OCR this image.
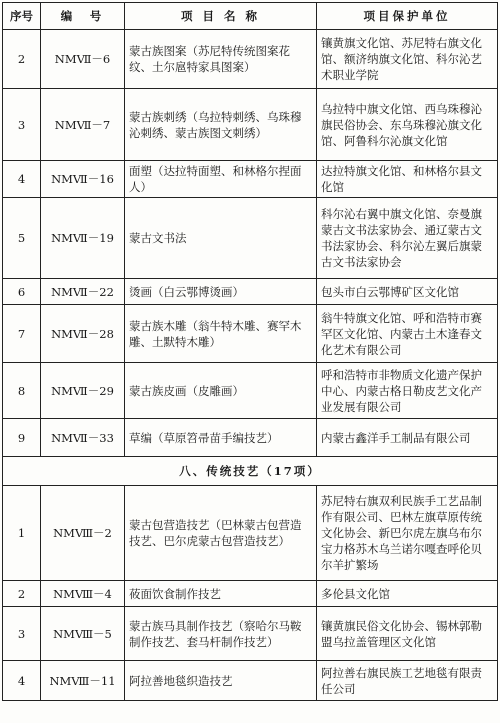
序号	编　号	项 目 名 称	项目保护单位
2	NMⅦ－6	蒙古族图案（苏尼特传统图案花纹、土尔扈特家具图案）	镶黄旗文化馆、苏尼特右旗文化馆、额济纳旗文化馆、科尔沁艺术职业学院
3	NMⅦ－7	蒙古族刺绣（乌拉特刺绣、乌珠穆沁刺绣、蒙古族图文刺绣）	乌拉特中旗文化馆、西乌珠穆沁旗民俗协会、东乌珠穆沁旗文化馆、阿鲁科尔沁旗文化馆
4	NMⅦ－16	面塑（达拉特面塑、和林格尔捏面人）	达拉特旗文化馆、和林格尔县文化馆
5	NMⅦ－19	蒙古文书法	科尔沁右翼中旗文化馆、奈曼旗蒙古文书法家协会、通辽蒙古文书法家协会、科尔沁左翼后旗蒙古文书法家协会
6	NMⅦ－22	烫画（白云鄂博烫画）	包头市白云鄂博矿区文化馆
7	NMⅦ－28	蒙古族木雕（翁牛特木雕、赛罕木雕、土默特木雕）	翁牛特旗文化馆、呼和浩特市赛罕区文化馆、内蒙古土木逢春文化艺术有限公司
8	NMⅦ－29	蒙古族皮画（皮雕画）	呼和浩特市非物质文化遗产保护中心、内蒙古格日勒皮艺文化产业发展有限公司
9	NMⅦ－33	草编（草原笤帚苗手编技艺）	内蒙古鑫洋手工制品有限公司
八、传统技艺（17项）			
1	NMⅧ－2	蒙古包营造技艺（巴林蒙古包营造技艺、巴尔虎蒙古包营造技艺）	苏尼特右旗双利民族手工艺品制作有限公司、巴林左旗草原传统文化协会、新巴尔虎左旗乌布尔宝力格苏木乌兰诺尔嘎查呼伦贝尔羊扩繁场
2	NMⅧ－4	莜面饮食制作技艺	多伦县文化馆
3	NMⅧ－5	蒙古族马具制作技艺（察哈尔马鞍制作技艺、套马杆制作技艺）	镶黄旗民俗文化协会、锡林郭勒盟乌拉盖管理区文化馆
4	NMⅧ－11	阿拉善地毯织造技艺	阿拉善右旗民族工艺地毯有限责任公司
